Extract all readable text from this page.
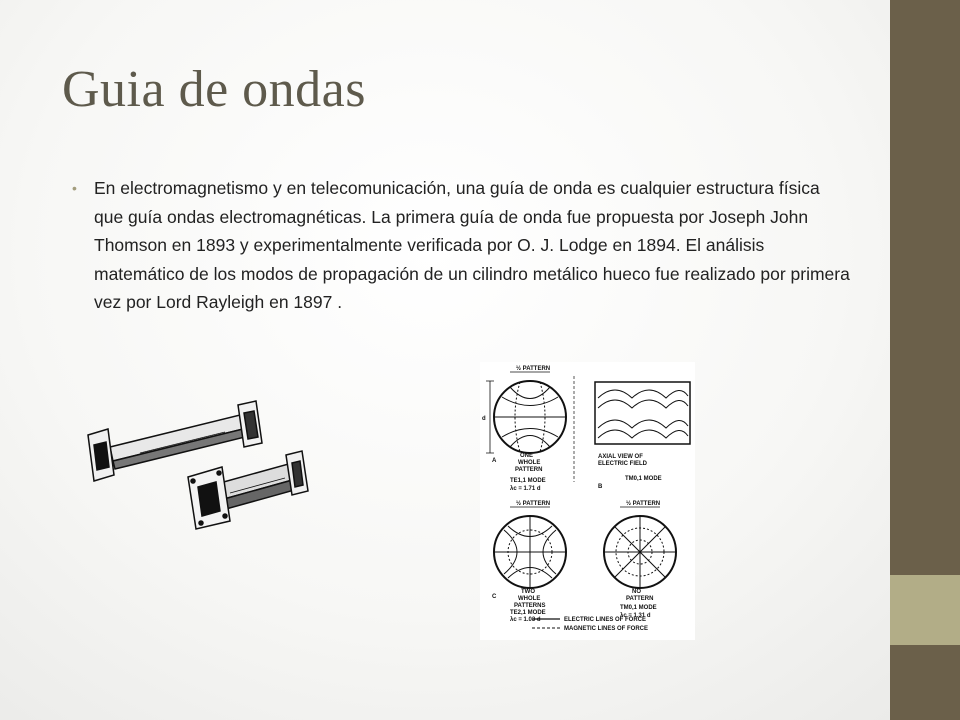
Guia de ondas
• En electromagnetismo y en telecomunicación, una guía de onda es cualquier estructura física que guía ondas electromagnéticas. La primera guía de onda fue propuesta por Joseph John Thomson en 1893 y experimentalmente verificada por O. J. Lodge en 1894. El análisis matemático de los modos de propagación de un cilindro metálico hueco fue realizado por primera vez por Lord Rayleigh en 1897 .
½ PATTERN
d
A
ONE
WHOLE
PATTERN
TE1,1 MODE
λc = 1.71 d
AXIAL VIEW OF
ELECTRIC FIELD
TM0,1 MODE
B
½ PATTERN
C
TWO
WHOLE
PATTERNS
TE2,1 MODE
λc = 1.03 d
½ PATTERN
NO
PATTERN
TM0,1 MODE
λc = 1.31 d
ELECTRIC LINES OF FORCE
MAGNETIC LINES OF FORCE
